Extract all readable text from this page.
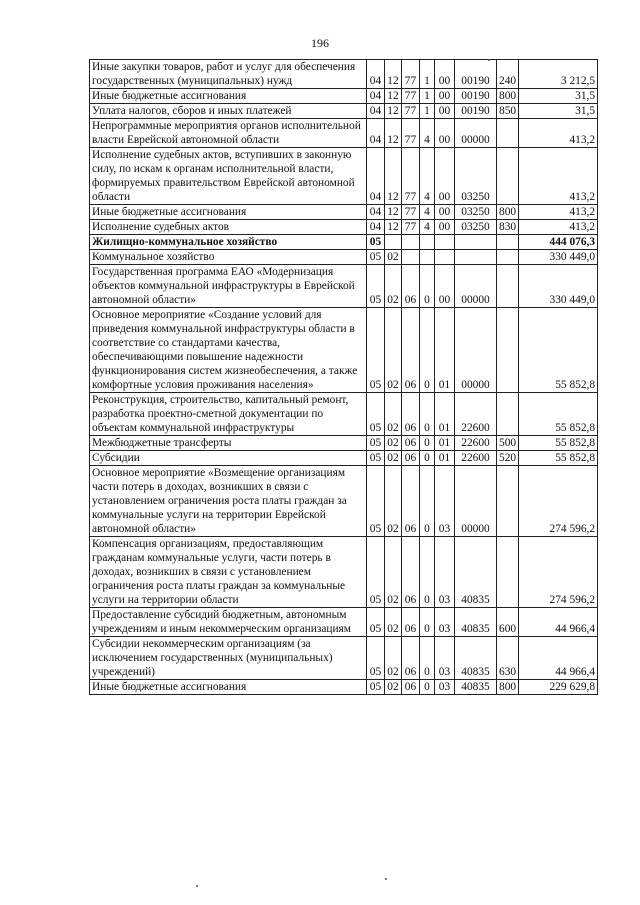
196
Иные закупки товаров, работ и услуг для обеспечения государственных (муниципальных) нужд	04	12	77	1	00	00190	240	3 212,5

Иные бюджетные ассигнования	04	12	77	1	00	00190	800	31,5

Уплата налогов, сборов и иных платежей	04	12	77	1	00	00190	850	31,5

Непрограммные мероприятия органов исполнительной власти Еврейской автономной области	04	12	77	4	00	00000		413,2

Исполнение судебных актов, вступивших в законную силу, по искам к органам исполнительной власти, формируемых правительством Еврейской автономной области	04	12	77	4	00	03250		413,2

Иные бюджетные ассигнования	04	12	77	4	00	03250	800	413,2

Исполнение судебных актов	04	12	77	4	00	03250	830	413,2

Жилищно-коммунальное хозяйство	05							444 076,3

Коммунальное хозяйство	05	02						330 449,0

Государственная программа ЕАО «Модернизация объектов коммунальной инфраструктуры в Еврейской автономной области»	05	02	06	0	00	00000		330 449,0

Основное мероприятие «Создание условий для приведения коммунальной инфраструктуры области в соответствие со стандартами качества, обеспечивающими повышение надежности функционирования систем жизнеобеспечения, а также комфортные условия проживания населения»	05	02	06	0	01	00000		55 852,8

Реконструкция, строительство, капитальный ремонт, разработка проектно-сметной документации по объектам коммунальной инфраструктуры	05	02	06	0	01	22600		55 852,8

Межбюджетные трансферты	05	02	06	0	01	22600	500	55 852,8

Субсидии	05	02	06	0	01	22600	520	55 852,8

Основное мероприятие «Возмещение организациям части потерь в доходах, возникших в связи с установлением ограничения роста платы граждан за коммунальные услуги на территории Еврейской автономной области»	05	02	06	0	03	00000		274 596,2

Компенсация организациям, предоставляющим гражданам коммунальные услуги, части потерь в доходах, возникших в связи с установлением ограничения роста платы граждан за коммунальные услуги на территории области	05	02	06	0	03	40835		274 596,2

Предоставление субсидий бюджетным, автономным учреждениям и иным некоммерческим организациям	05	02	06	0	03	40835	600	44 966,4

Субсидии некоммерческим организациям (за исключением государственных (муниципальных) учреждений)	05	02	06	0	03	40835	630	44 966,4

Иные бюджетные ассигнования	05	02	06	0	03	40835	800	229 629,8
